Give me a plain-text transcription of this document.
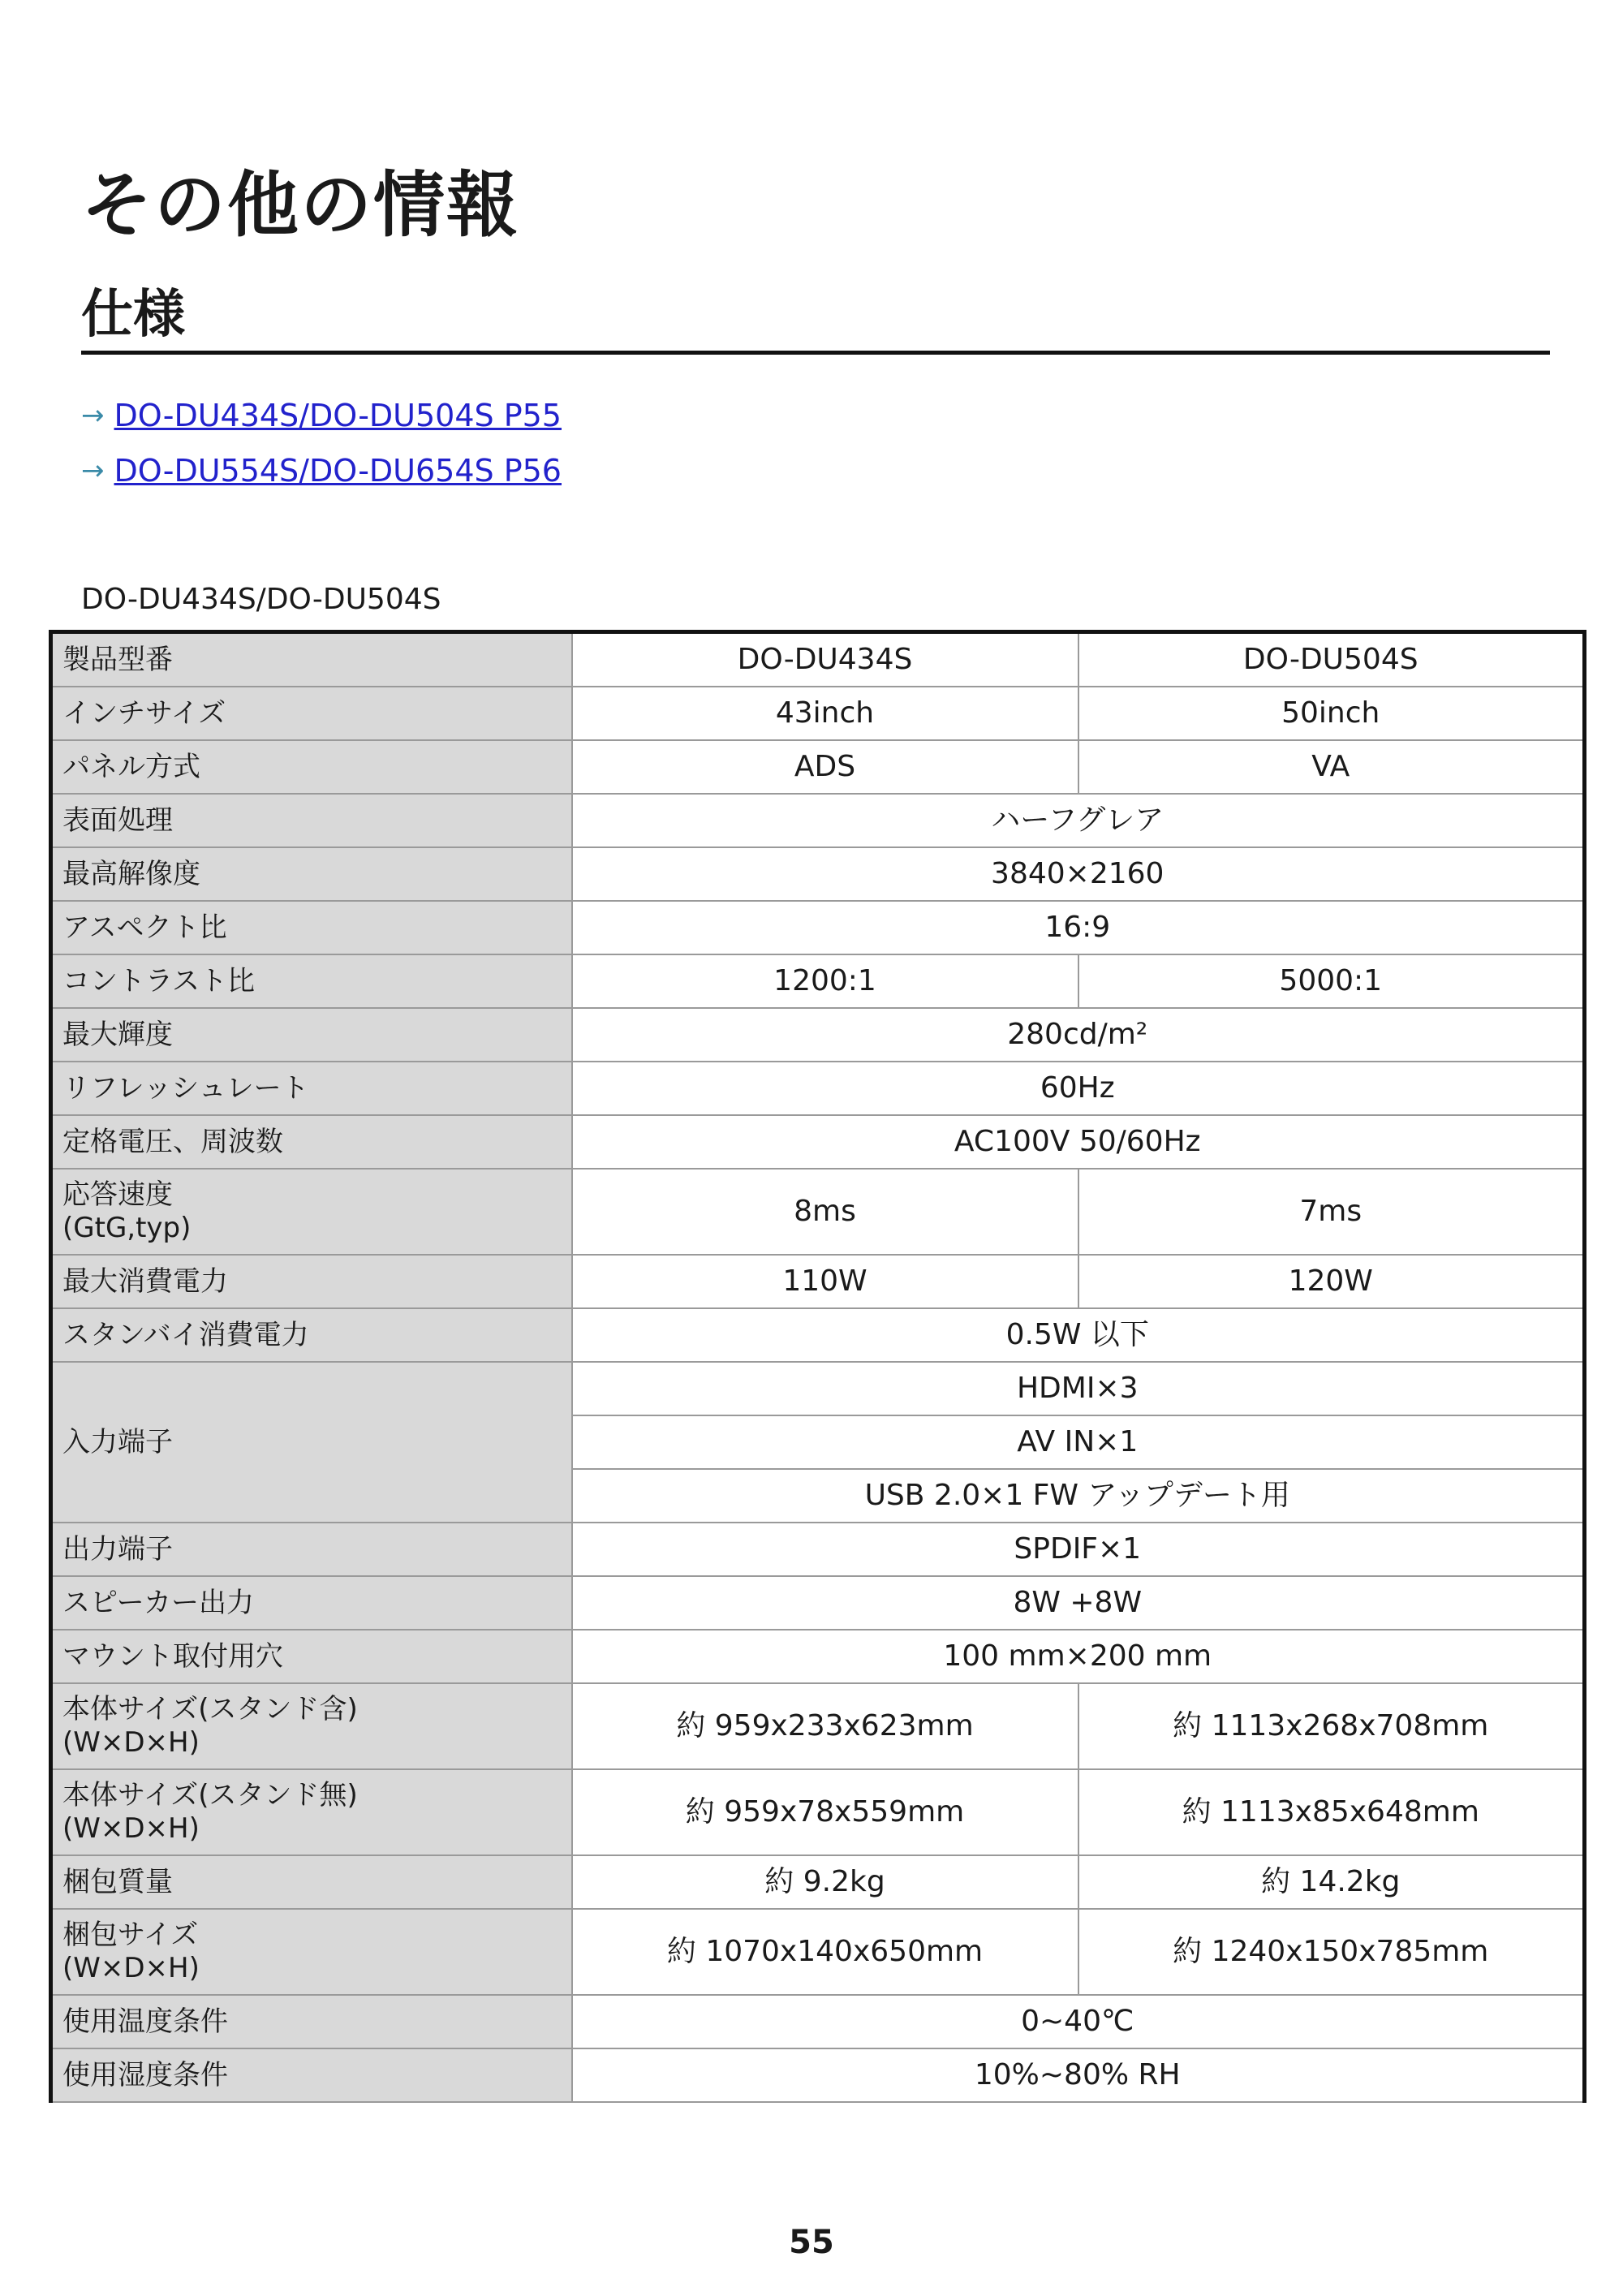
その他の情報
仕様
→ DO-DU434S/DO-DU504S P55
→ DO-DU554S/DO-DU654S P56
DO-DU434S/DO-DU504S
製品型番	DO-DU434S	DO-DU504S
インチサイズ	43inch	50inch
パネル方式	ADS	VA
表面処理	ハーフグレア	
最高解像度	3840×2160	
アスペクト比	16:9	
コントラスト比	1200:1	5000:1
最大輝度	280cd/m²	
リフレッシュレート	60Hz	
定格電圧、周波数	AC100V 50/60Hz	

応答速度
(GtG,typ)	8ms	7ms
最大消費電力	110W	120W
スタンバイ消費電力	0.5W 以下	
入力端子	HDMI×3	
	AV IN×1	
	USB 2.0×1 FW アップデート用	
出力端子	SPDIF×1	
スピーカー出力	8W +8W	
マウント取付用穴	100 mm×200 mm	

本体サイズ(スタンド含)
(W×D×H)	約 959x233x623mm	約 1113x268x708mm

本体サイズ(スタンド無)
(W×D×H)	約 959x78x559mm	約 1113x85x648mm
梱包質量	約 9.2kg	約 14.2kg

梱包サイズ
(W×D×H)	約 1070x140x650mm	約 1240x150x785mm
使用温度条件	0~40℃	
使用湿度条件	10%~80% RH	
55
